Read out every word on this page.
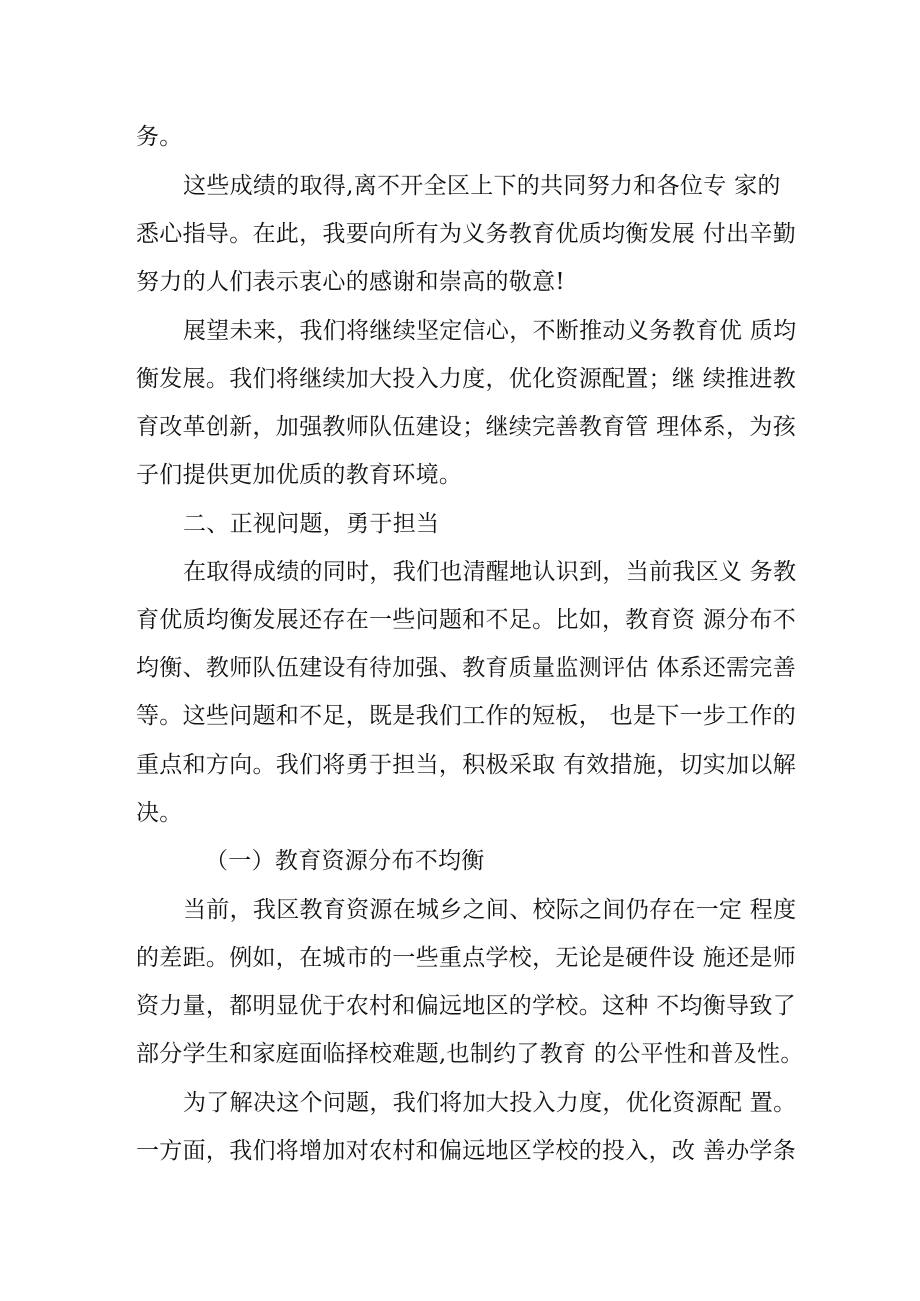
务。
这些成绩的取得,离不开全区上下的共同努力和各位专 家的
悉心指导。在此，我要向所有为义务教育优质均衡发展 付出辛勤
努力的人们表示衷心的感谢和崇高的敬意!
展望未来，我们将继续坚定信心，不断推动义务教育优 质均
衡发展。我们将继续加大投入力度，优化资源配置；继 续推进教
育改革创新，加强教师队伍建设；继续完善教育管 理体系，为孩
子们提供更加优质的教育环境。
二、正视问题，勇于担当
在取得成绩的同时，我们也清醒地认识到，当前我区义 务教
育优质均衡发展还存在一些问题和不足。比如，教育资 源分布不
均衡、教师队伍建设有待加强、教育质量监测评估 体系还需完善
等。这些问题和不足，既是我们工作的短板， 也是下一步工作的
重点和方向。我们将勇于担当，积极采取 有效措施，切实加以解
决。
（一）教育资源分布不均衡
当前，我区教育资源在城乡之间、校际之间仍存在一定 程度
的差距。例如，在城市的一些重点学校，无论是硬件设 施还是师
资力量，都明显优于农村和偏远地区的学校。这种 不均衡导致了
部分学生和家庭面临择校难题,也制约了教育 的公平性和普及性。
为了解决这个问题，我们将加大投入力度，优化资源配 置。
一方面，我们将增加对农村和偏远地区学校的投入，改 善办学条
